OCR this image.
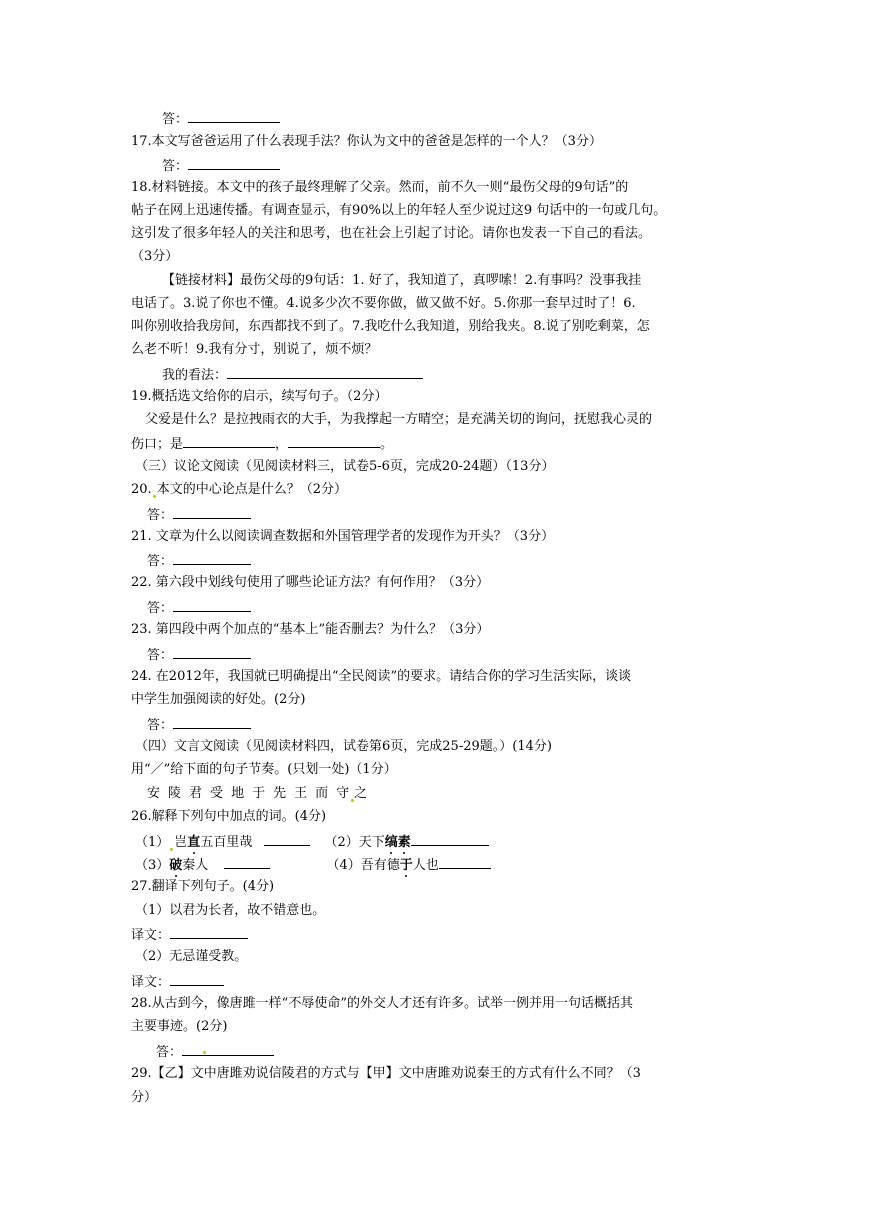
答：
17.本文写爸爸运用了什么表现手法？你认为文中的爸爸是怎样的一个人？（3分）
答：
18.材料链接。本文中的孩子最终理解了父亲。然而，前不久一则“最伤父母的9句话”的
帖子在网上迅速传播。有调查显示，有90%以上的年轻人至少说过这9 句话中的一句或几句。
这引发了很多年轻人的关注和思考，也在社会上引起了讨论。请你也发表一下自己的看法。
（3分）
【链接材料】最伤父母的9句话：1. 好了，我知道了，真啰嗦！2.有事吗？没事我挂
电话了。3.说了你也不懂。4.说多少次不要你做，做又做不好。5.你那一套早过时了！6.
叫你别收拾我房间，东西都找不到了。7.我吃什么我知道，别给我夹。8.说了别吃剩菜，怎
么老不听！9.我有分寸，别说了，烦不烦？
我的看法：
19.概括选文给你的启示，续写句子。（2分）
父爱是什么？是拉拽雨衣的大手，为我撑起一方晴空；是充满关切的询问，抚慰我心灵的
伤口；是	，	。
（三）议论文阅读（见阅读材料三，试卷5-6页，完成20-24题）（13分）
20. 本文的中心论点是什么？（2分）
答：
21. 文章为什么以阅读调查数据和外国管理学者的发现作为开头？（3分）
答：
22. 第六段中划线句使用了哪些论证方法？有何作用？（3分）
答：
23. 第四段中两个加点的“基本上”能否删去？为什么？（3分）
答：
24. 在2012年，我国就已明确提出“全民阅读”的要求。请结合你的学习生活实际，谈谈
中学生加强阅读的好处。(2分)
答：
（四）文言文阅读（见阅读材料四，试卷第6页，完成25-29题。）(14分)
用“／”给下面的句子节奏。(只划一处)（1分）
安 陵 君 受 地 于 先 王 而 守 之
26.解释下列句中加点的词。(4分)
（1） 岂直五百里哉	（2）天下缟素
（3）破秦人	（4）吾有德于人也
27.翻译下列句子。(4分)
（1）以君为长者，故不错意也。
译文：
（2）无忌谨受教。
译文：
28.从古到今，像唐雎一样“不辱使命”的外交人才还有许多。试举一例并用一句话概括其
主要事迹。(2分)
答：
29.【乙】文中唐雎劝说信陵君的方式与【甲】文中唐雎劝说秦王的方式有什么不同？（3
分）
